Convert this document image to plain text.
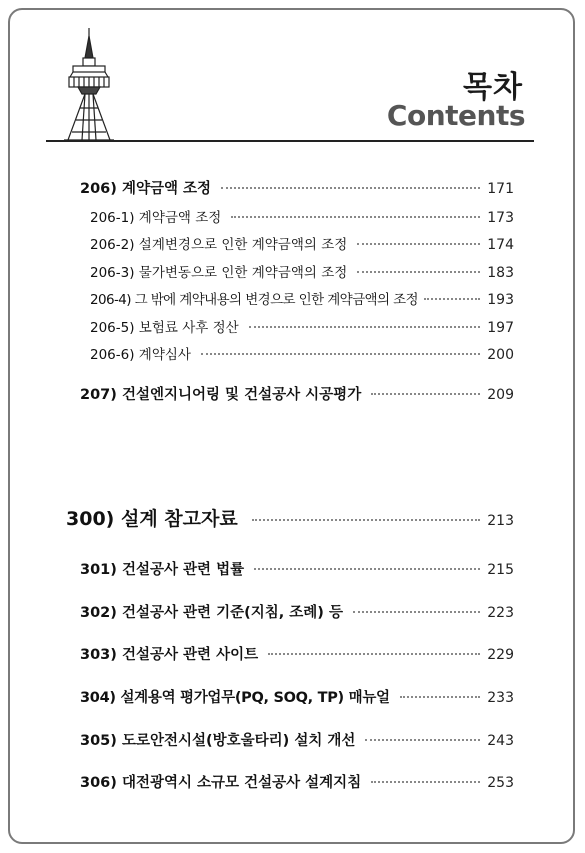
목차
Contents
206) 계약금액 조정	171
206-1) 계약금액 조정	173
206-2) 설계변경으로 인한 계약금액의 조정	174
206-3) 물가변동으로 인한 계약금액의 조정	183
206-4) 그 밖에 계약내용의 변경으로 인한 계약금액의 조정	193
206-5) 보험료 사후 정산	197
206-6) 계약심사	200
207) 건설엔지니어링 및 건설공사 시공평가	209
300) 설계 참고자료	213
301) 건설공사 관련 법률	215
302) 건설공사 관련 기준(지침, 조례) 등	223
303) 건설공사 관련 사이트	229
304) 설계용역 평가업무(PQ, SOQ, TP) 매뉴얼	233
305) 도로안전시설(방호울타리) 설치 개선	243
306) 대전광역시 소규모 건설공사 설계지침	253
